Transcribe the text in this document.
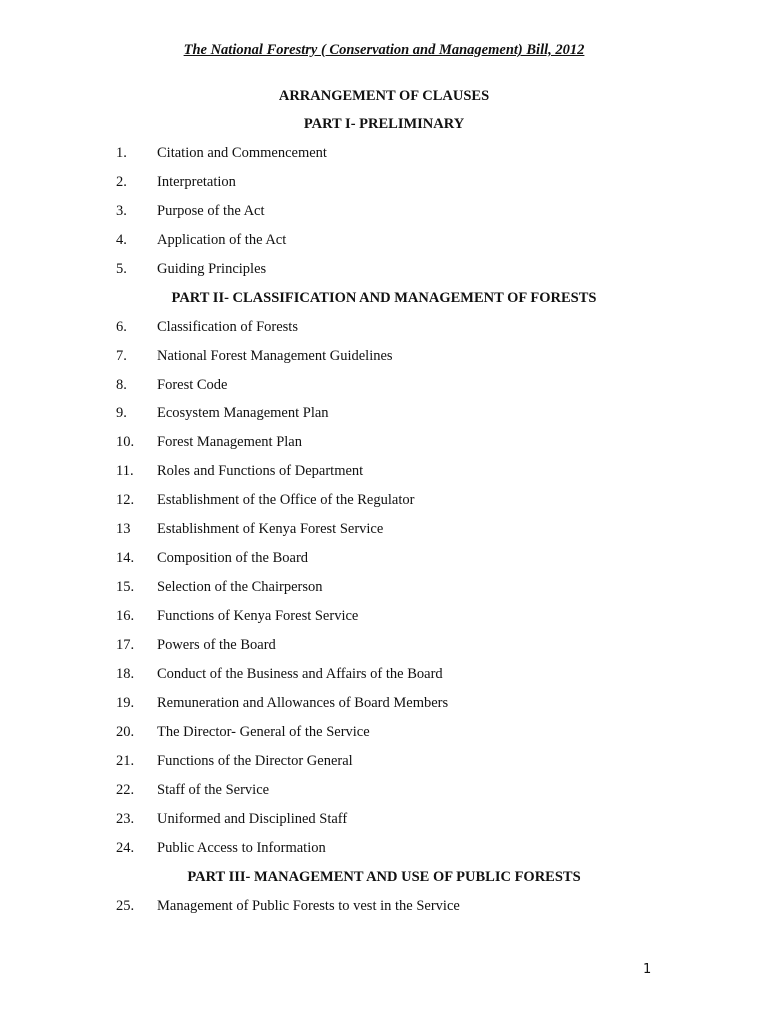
The National Forestry ( Conservation and Management) Bill, 2012
ARRANGEMENT OF CLAUSES
PART I- PRELIMINARY
1. Citation and Commencement
2. Interpretation
3. Purpose of the Act
4. Application of the Act
5. Guiding Principles
PART II- CLASSIFICATION AND MANAGEMENT OF FORESTS
6. Classification of Forests
7. National Forest Management Guidelines
8. Forest Code
9. Ecosystem Management Plan
10. Forest Management Plan
11. Roles and Functions of Department
12. Establishment of the Office of the Regulator
13 Establishment of Kenya Forest Service
14. Composition of the Board
15. Selection of the Chairperson
16. Functions of Kenya Forest Service
17. Powers of the Board
18. Conduct of the Business and Affairs of the Board
19. Remuneration and Allowances of Board Members
20. The Director- General of the Service
21. Functions of the Director General
22. Staff of the Service
23. Uniformed and Disciplined Staff
24. Public Access to Information
PART III- MANAGEMENT AND USE OF PUBLIC FORESTS
25. Management of Public Forests to vest in the Service
1
